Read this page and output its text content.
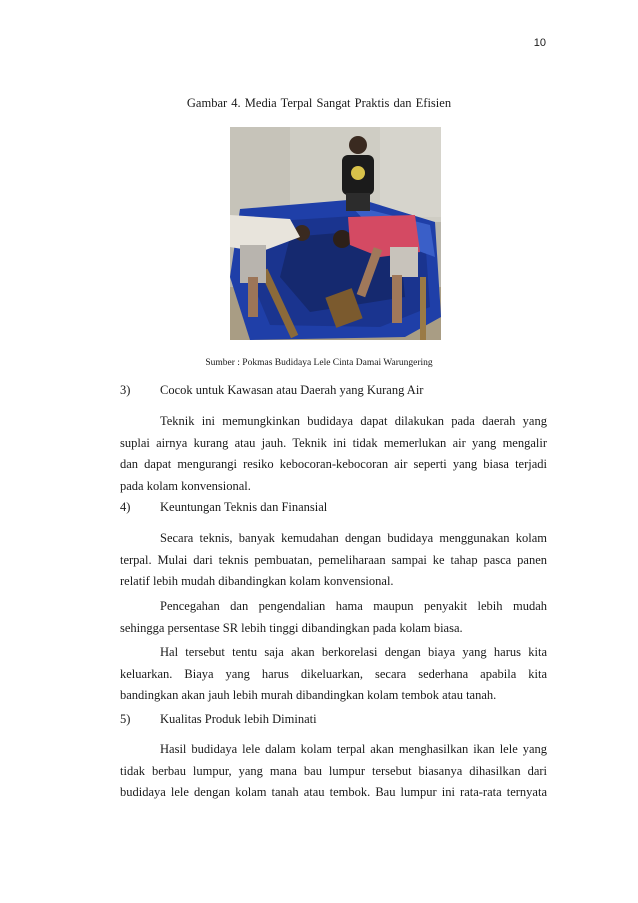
10
Gambar 4. Media Terpal Sangat Praktis dan Efisien
Sumber : Pokmas Budidaya Lele Cinta Damai Warungering
3) Cocok untuk Kawasan atau Daerah yang Kurang Air
Teknik ini memungkinkan budidaya dapat dilakukan pada daerah yang
suplai airnya kurang atau jauh. Teknik ini tidak memerlukan air yang mengalir
dan dapat mengurangi resiko kebocoran-kebocoran air seperti yang biasa terjadi
pada kolam konvensional.
4) Keuntungan Teknis dan Finansial
Secara teknis, banyak kemudahan dengan budidaya menggunakan kolam
terpal. Mulai dari teknis pembuatan, pemeliharaan sampai ke tahap pasca panen
relatif lebih mudah dibandingkan kolam konvensional.
Pencegahan dan pengendalian hama maupun penyakit lebih mudah
sehingga persentase SR lebih tinggi dibandingkan pada kolam biasa.
Hal tersebut tentu saja akan berkorelasi dengan biaya yang harus kita
keluarkan. Biaya yang harus dikeluarkan, secara sederhana apabila kita
bandingkan akan jauh lebih murah dibandingkan kolam tembok atau tanah.
5) Kualitas Produk lebih Diminati
Hasil budidaya lele dalam kolam terpal akan menghasilkan ikan lele yang
tidak berbau lumpur, yang mana bau lumpur tersebut biasanya dihasilkan dari
budidaya lele dengan kolam tanah atau tembok. Bau lumpur ini rata-rata ternyata
